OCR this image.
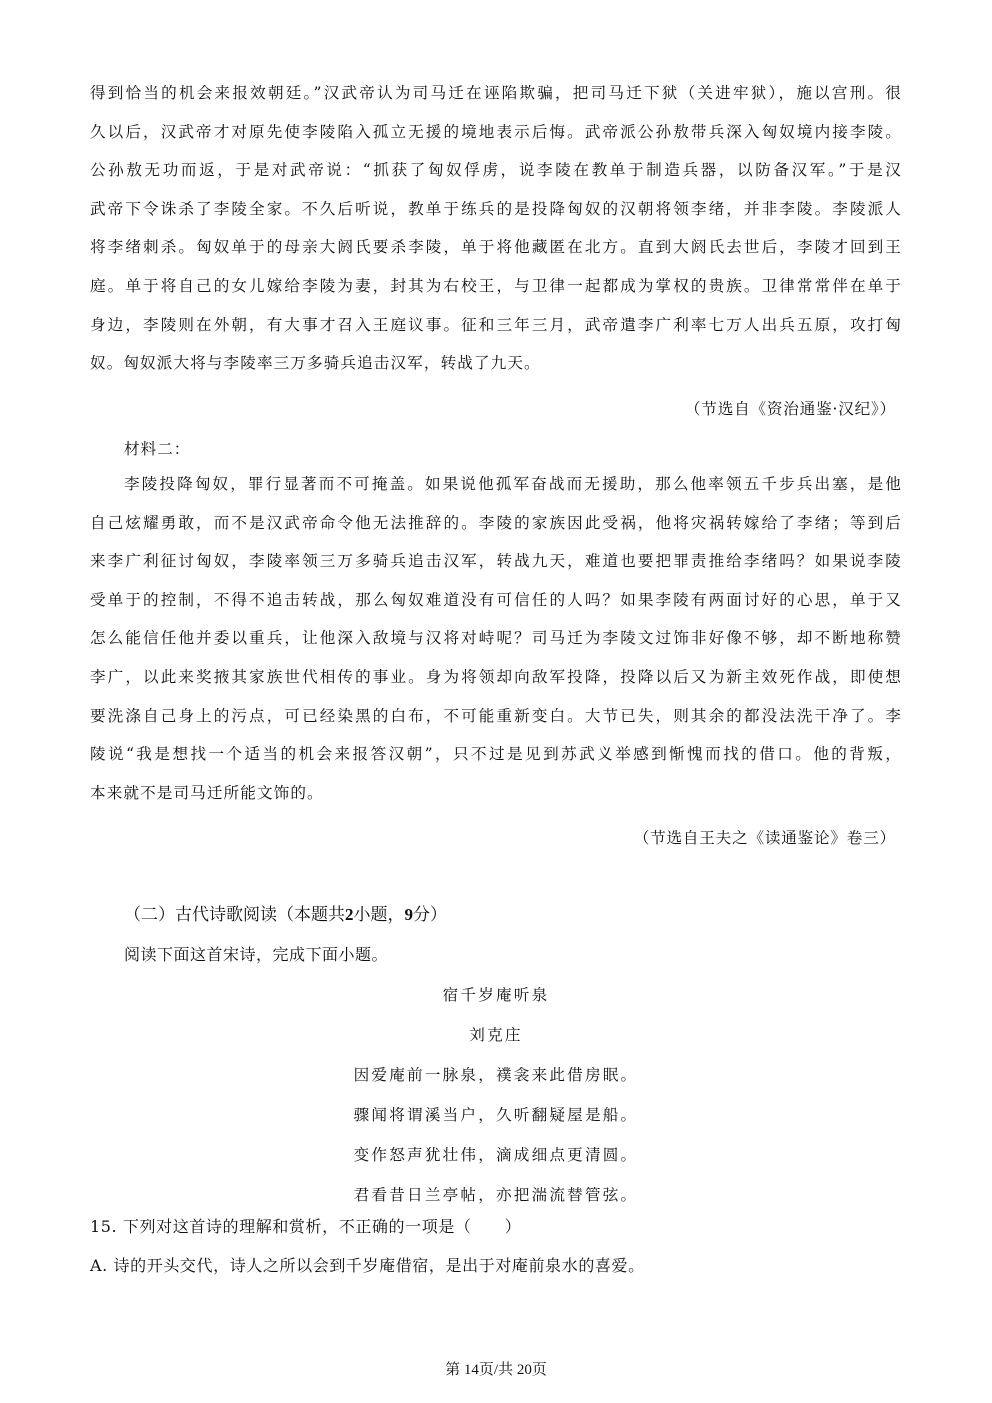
得到恰当的机会来报效朝廷。”汉武帝认为司马迁在诬陷欺骗，把司马迁下狱（关进牢狱），施以宫刑。很
久以后，汉武帝才对原先使李陵陷入孤立无援的境地表示后悔。武帝派公孙敖带兵深入匈奴境内接李陵。
公孙敖无功而返，于是对武帝说：“抓获了匈奴俘虏，说李陵在教单于制造兵器，以防备汉军。”于是汉
武帝下令诛杀了李陵全家。不久后听说，教单于练兵的是投降匈奴的汉朝将领李绪，并非李陵。李陵派人
将李绪刺杀。匈奴单于的母亲大阏氏要杀李陵，单于将他藏匿在北方。直到大阏氏去世后，李陵才回到王
庭。单于将自己的女儿嫁给李陵为妻，封其为右校王，与卫律一起都成为掌权的贵族。卫律常常伴在单于
身边，李陵则在外朝，有大事才召入王庭议事。征和三年三月，武帝遣李广利率七万人出兵五原，攻打匈
奴。匈奴派大将与李陵率三万多骑兵追击汉军，转战了九天。
（节选自《资治通鉴·汉纪》）
材料二：
李陵投降匈奴，罪行显著而不可掩盖。如果说他孤军奋战而无援助，那么他率领五千步兵出塞，是他
自己炫耀勇敢，而不是汉武帝命令他无法推辞的。李陵的家族因此受祸，他将灾祸转嫁给了李绪；等到后
来李广利征讨匈奴，李陵率领三万多骑兵追击汉军，转战九天，难道也要把罪责推给李绪吗？如果说李陵
受单于的控制，不得不追击转战，那么匈奴难道没有可信任的人吗？如果李陵有两面讨好的心思，单于又
怎么能信任他并委以重兵，让他深入敌境与汉将对峙呢？司马迁为李陵文过饰非好像不够，却不断地称赞
李广，以此来奖掖其家族世代相传的事业。身为将领却向敌军投降，投降以后又为新主效死作战，即使想
要洗涤自己身上的污点，可已经染黑的白布，不可能重新变白。大节已失，则其余的都没法洗干净了。李
陵说“我是想找一个适当的机会来报答汉朝”，只不过是见到苏武义举感到惭愧而找的借口。他的背叛，
本来就不是司马迁所能文饰的。
（节选自王夫之《读通鉴论》卷三）
（二）古代诗歌阅读（本题共2小题，9分）
阅读下面这首宋诗，完成下面小题。
宿千岁庵听泉
刘克庄
因爱庵前一脉泉，襆衾来此借房眠。
骤闻将谓溪当户，久听翻疑屋是船。
变作怒声犹壮伟，滴成细点更清圆。
君看昔日兰亭帖，亦把湍流替管弦。
15. 下列对这首诗的理解和赏析，不正确的一项是（　　）
A. 诗的开头交代，诗人之所以会到千岁庵借宿，是出于对庵前泉水的喜爱。
第 14页/共 20页
